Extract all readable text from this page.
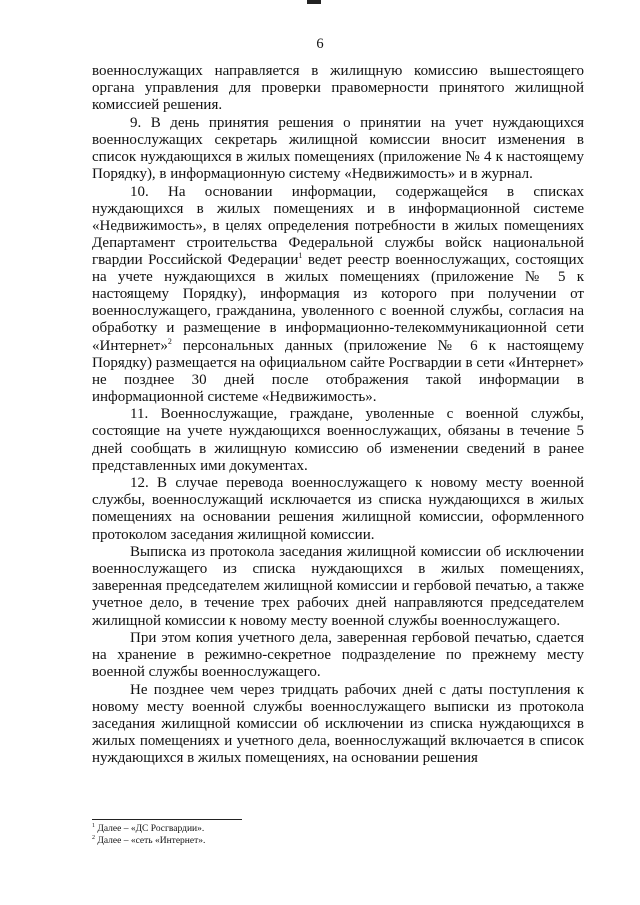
6

военнослужащих направляется в жилищную комиссию вышестоящего органа управления для проверки правомерности принятого жилищной комиссией решения.

9. В день принятия решения о принятии на учет нуждающихся военнослужащих секретарь жилищной комиссии вносит изменения в список нуждающихся в жилых помещениях (приложение № 4 к настоящему Порядку), в информационную систему «Недвижимость» и в журнал.

10. На основании информации, содержащейся в списках нуждающихся в жилых помещениях и в информационной системе «Недвижимость», в целях определения потребности в жилых помещениях Департамент строительства Федеральной службы войск национальной гвардии Российской Федерации$^1$ ведет реестр военнослужащих, состоящих на учете нуждающихся в жилых помещениях (приложение № 5 к настоящему Порядку), информация из которого при получении от военнослужащего, гражданина, уволенного с военной службы, согласия на обработку и размещение в информационно-телекоммуникационной сети «Интернет»$^2$ персональных данных (приложение № 6 к настоящему Порядку) размещается на официальном сайте Росгвардии в сети «Интернет» не позднее 30 дней после отображения такой информации в информационной системе «Недвижимость».

11. Военнослужащие, граждане, уволенные с военной службы, состоящие на учете нуждающихся военнослужащих, обязаны в течение 5 дней сообщать в жилищную комиссию об изменении сведений в ранее представленных ими документах.

12. В случае перевода военнослужащего к новому месту военной службы, военнослужащий исключается из списка нуждающихся в жилых помещениях на основании решения жилищной комиссии, оформленного протоколом заседания жилищной комиссии.

Выписка из протокола заседания жилищной комиссии об исключении военнослужащего из списка нуждающихся в жилых помещениях, заверенная председателем жилищной комиссии и гербовой печатью, а также учетное дело, в течение трех рабочих дней направляются председателем жилищной комиссии к новому месту военной службы военнослужащего.

При этом копия учетного дела, заверенная гербовой печатью, сдается на хранение в режимно-секретное подразделение по прежнему месту военной службы военнослужащего.

Не позднее чем через тридцать рабочих дней с даты поступления к новому месту военной службы военнослужащего выписки из протокола заседания жилищной комиссии об исключении из списка нуждающихся в жилых помещениях и учетного дела, военнослужащий включается в список нуждающихся в жилых помещениях, на основании решения

$^1$ Далее – «ДС Росгвардии».
$^2$ Далее – «сеть «Интернет».
